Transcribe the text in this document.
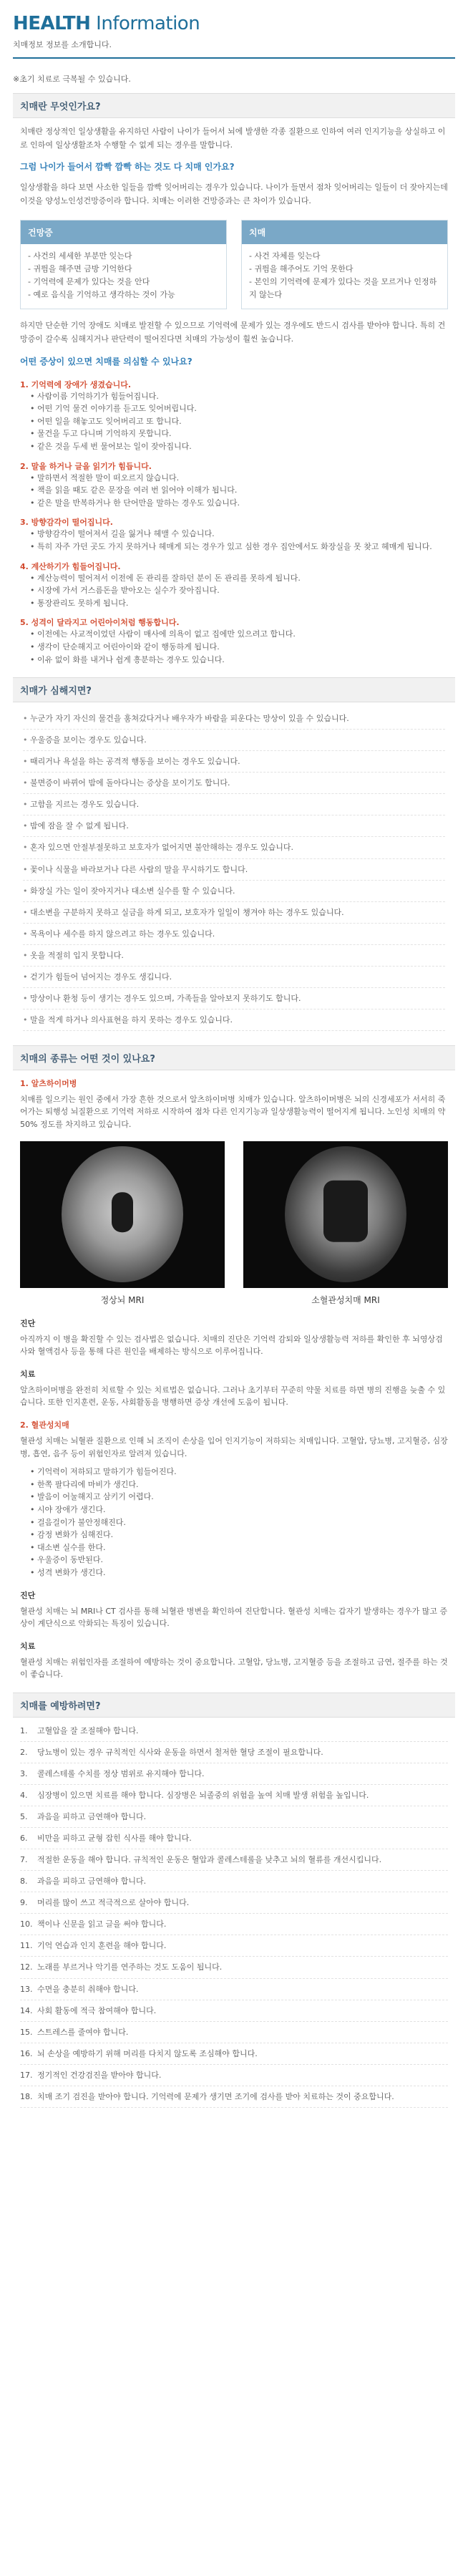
HEALTH Information
치매정보 정보를 소개합니다.
※초기 치료로 극복될 수 있습니다.
치매란 무엇인가요?
치매란 정상적인 일상생활을 유지하던 사람이 나이가 들어서 뇌에 발생한 각종 질환으로 인하여 여러 인지기능을 상실하고 이로 인하여 일상생활조차 수행할 수 없게 되는 경우를 말합니다.
그럼 나이가 들어서 깜빡 깜빡 하는 것도 다 치매 인가요?
일상생활을 하다 보면 사소한 일들을 깜빡 잊어버리는 경우가 있습니다. 나이가 들면서 점차 잊어버리는 일들이 더 잦아지는데 이것을 양성노인성건망증이라 합니다. 치매는 이러한 건망증과는 큰 차이가 있습니다.
건망증
- 사건의 세세한 부분만 잊는다
- 귀띔을 해주면 금방 기억한다
- 기억력에 문제가 있다는 것을 안다
- 예로 음식을 기억하고 생각하는 것이 가능
치매
- 사건 자체를 잊는다
- 귀띔을 해주어도 기억 못한다
- 본인의 기억력에 문제가 있다는 것을 모르거나 인정하지 않는다
하지만 단순한 기억 장애도 치매로 발전할 수 있으므로 기억력에 문제가 있는 경우에도 반드시 검사를 받아야 합니다. 특히 건망증이 갈수록 심해지거나 판단력이 떨어진다면 치매의 가능성이 훨씬 높습니다.
어떤 증상이 있으면 치매를 의심할 수 있나요?
1. 기억력에 장애가 생겼습니다.
• 사람이름 기억하기가 힘들어집니다.
• 어떤 기억 물건 이야기를 듣고도 잊어버립니다.
• 어떤 일을 해놓고도 잊어버리고 또 합니다.
• 물건을 두고 다니며 기억하지 못합니다.
• 같은 것을 두세 번 물어보는 일이 잦아집니다.
2. 말을 하거나 글을 읽기가 힘듭니다.
• 말하면서 적절한 말이 떠오르지 않습니다.
• 책을 읽을 때도 같은 문장을 여러 번 읽어야 이해가 됩니다.
• 같은 말을 반복하거나 한 단어만을 말하는 경우도 있습니다.
3. 방향감각이 떨어집니다.
• 방향감각이 떨어져서 길을 잃거나 헤맬 수 있습니다.
• 특히 자주 가던 곳도 가지 못하거나 헤매게 되는 경우가 있고 심한 경우 집안에서도 화장실을 못 찾고 헤매게 됩니다.
4. 계산하기가 힘들어집니다.
• 계산능력이 떨어져서 이전에 돈 관리를 잘하던 분이 돈 관리를 못하게 됩니다.
• 시장에 가서 거스름돈을 받아오는 실수가 잦아집니다.
• 통장관리도 못하게 됩니다.
5. 성격이 달라지고 어린아이처럼 행동합니다.
• 이전에는 사교적이었던 사람이 매사에 의욕이 없고 집에만 있으려고 합니다.
• 생각이 단순해지고 어린아이와 같이 행동하게 됩니다.
• 이유 없이 화를 내거나 쉽게 흥분하는 경우도 있습니다.
치매가 심해지면?
• 누군가 자기 자신의 물건을 훔쳐갔다거나 배우자가 바람을 피운다는 망상이 있을 수 있습니다.
• 우울증을 보이는 경우도 있습니다.
• 때리거나 욕설을 하는 공격적 행동을 보이는 경우도 있습니다.
• 불면증이 바뀌어 밤에 돌아다니는 증상을 보이기도 합니다.
• 고함을 지르는 경우도 있습니다.
• 밤에 잠을 잘 수 없게 됩니다.
• 혼자 있으면 안절부절못하고 보호자가 없어지면 불안해하는 경우도 있습니다.
• 꽃이나 식물을 바라보거나 다른 사람의 말을 무시하기도 합니다.
• 화장실 가는 일이 잦아지거나 대소변 실수를 할 수 있습니다.
• 대소변을 구분하지 못하고 실금을 하게 되고, 보호자가 일일이 챙겨야 하는 경우도 있습니다.
• 목욕이나 세수를 하지 않으려고 하는 경우도 있습니다.
• 옷을 적절히 입지 못합니다.
• 걷기가 힘들어 넘어지는 경우도 생깁니다.
• 망상이나 환청 등이 생기는 경우도 있으며, 가족들을 알아보지 못하기도 합니다.
• 말을 적게 하거나 의사표현을 하지 못하는 경우도 있습니다.
치매의 종류는 어떤 것이 있나요?
1. 알츠하이머병
치매를 일으키는 원인 중에서 가장 흔한 것으로서 알츠하이머병 치매가 있습니다. 알츠하이머병은 뇌의 신경세포가 서서히 죽어가는 퇴행성 뇌질환으로 기억력 저하로 시작하여 점차 다른 인지기능과 일상생활능력이 떨어지게 됩니다. 노인성 치매의 약 50% 정도를 차지하고 있습니다.
정상뇌 MRI	소혈관성치매 MRI
진단
아직까지 이 병을 확진할 수 있는 검사법은 없습니다. 치매의 진단은 기억력 감퇴와 일상생활능력 저하를 확인한 후 뇌영상검사와 혈액검사 등을 통해 다른 원인을 배제하는 방식으로 이루어집니다.
치료
알츠하이머병을 완전히 치료할 수 있는 치료법은 없습니다. 그러나 초기부터 꾸준히 약물 치료를 하면 병의 진행을 늦출 수 있습니다. 또한 인지훈련, 운동, 사회활동을 병행하면 증상 개선에 도움이 됩니다.
2. 혈관성치매
혈관성 치매는 뇌혈관 질환으로 인해 뇌 조직이 손상을 입어 인지기능이 저하되는 치매입니다. 고혈압, 당뇨병, 고지혈증, 심장병, 흡연, 음주 등이 위험인자로 알려져 있습니다.
• 기억력이 저하되고 말하기가 힘들어진다.
• 한쪽 팔다리에 마비가 생긴다.
• 발음이 어눌해지고 삼키기 어렵다.
• 시야 장애가 생긴다.
• 걸음걸이가 불안정해진다.
• 감정 변화가 심해진다.
• 대소변 실수를 한다.
• 우울증이 동반된다.
• 성격 변화가 생긴다.
진단
혈관성 치매는 뇌 MRI나 CT 검사를 통해 뇌혈관 병변을 확인하여 진단합니다. 혈관성 치매는 갑자기 발생하는 경우가 많고 증상이 계단식으로 악화되는 특징이 있습니다.
치료
혈관성 치매는 위험인자를 조절하여 예방하는 것이 중요합니다. 고혈압, 당뇨병, 고지혈증 등을 조절하고 금연, 절주를 하는 것이 좋습니다.
치매를 예방하려면?
1.	고혈압을 잘 조절해야 합니다.
2.	당뇨병이 있는 경우 규칙적인 식사와 운동을 하면서 철저한 혈당 조절이 필요합니다.
3.	콜레스테롤 수치를 정상 범위로 유지해야 합니다.
4.	심장병이 있으면 치료를 해야 합니다. 심장병은 뇌졸중의 위험을 높여 치매 발생 위험을 높입니다.
5.	과음을 피하고 금연해야 합니다.
6.	비만을 피하고 균형 잡힌 식사를 해야 합니다.
7.	적절한 운동을 해야 합니다. 규칙적인 운동은 혈압과 콜레스테롤을 낮추고 뇌의 혈류를 개선시킵니다.
8.	과음을 피하고 금연해야 합니다.
9.	머리를 많이 쓰고 적극적으로 살아야 합니다.
10. 책이나 신문을 읽고 글을 써야 합니다.
11. 기억 연습과 인지 훈련을 해야 합니다.
12. 노래를 부르거나 악기를 연주하는 것도 도움이 됩니다.
13. 수면을 충분히 취해야 합니다.
14. 사회 활동에 적극 참여해야 합니다.
15. 스트레스를 줄여야 합니다.
16. 뇌 손상을 예방하기 위해 머리를 다치지 않도록 조심해야 합니다.
17. 정기적인 건강검진을 받아야 합니다.
18. 치매 조기 검진을 받아야 합니다. 기억력에 문제가 생기면 조기에 검사를 받아 치료하는 것이 중요합니다.
